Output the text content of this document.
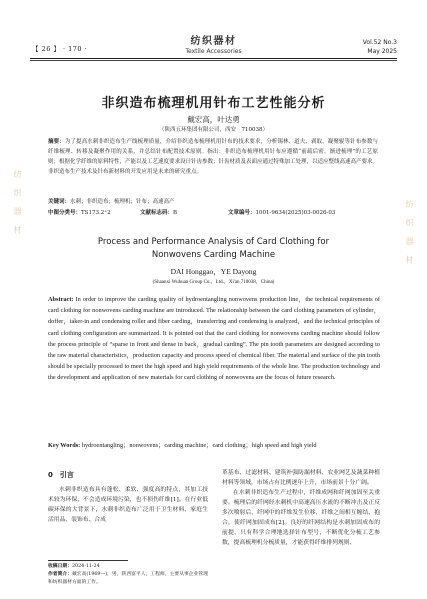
【 26 】 · 170 ·
纺织器材
Textile Accessories
Vol.52 No.3
May 2025
纺 织 器 材	纺 织 器 材
非织造布梳理机用针布工艺性能分析
戴宏高，叶达勇
（陕西五环集团有限公司，西安　710038）
摘要：为了提高水刺非织造布生产线梳理质量，介绍非织造布梳理机用针布的技术要求，分析锡林、道夫、剥取、凝聚辊等针布参数与纤维梳理、转移及凝聚作用的关系，并总结针布配置技术原则。指出：非织造布梳理机用针布应遵循“前疏后密，渐进梳理”的工艺原则；根据化学纤维的原料特性，产能以及工艺速度要求设计针齿参数；针齿材质及表面应通过特殊加工处理，以适应整线高速高产要求。非织造布生产技术及针布新材料的开发应用是未来的研究重点。
关键词：水刺；非织造布；梳理机；针布；高速高产
中图分类号：TS173.2⁺2	文献标志码：B	文章编号：1001-9634(2025)03-0026-03
Process and Performance Analysis of Card Clothing for
Nonwovens Carding Machine
DAI Honggao，YE Dayong
(Shaanxi Wuhuan Group Co.，Ltd.，Xi'an 710038，China)
Abstract: In order to improve the carding quality of hydroentangling nonwovens production line，the technical requirements of card clothing for nonwovens carding machine are introduced. The relationship between the card clothing parameters of cylinder，doffer，taker-in and condensing roller and fiber carding，transferring and condensing is analyzed，and the technical principles of card clothing configuration are summarized. It is pointed out that the card clothing for nonwovens carding machine should follow the process principle of “sparse in front and dense in back，gradual carding”. The pin tooth parameters are designed according to the raw material characteristics，production capacity and process speed of chemical fiber. The material and surface of the pin tooth should be specially processed to meet the high speed and high yield requirements of the whole line. The production technology and the development and application of new materials for card clothing of nonwovens are the focus of future research.
Key Words: hydroentangling；nonwovens；carding machine；card clothing；high speed and high yield
0　引言

水刺非织造布具有蓬松、柔软、强度高的特点，其加工技术较为环保，不会造成环境污染，也不损伤纤维[1]。在行业低碳环保的大背景下，水刺非织造布广泛用于卫生材料、家庭生活用品、装饰布、合成

革基布、过滤材料、建筑补强防漏材料、农业网艺及蔬菜种植材料等领域，市场占有比例逐年上升，市场前景十分广阔。

在水刺非织造布生产过程中，纤维成网和纤网加固至关重要。梳理后的纤网经水刺机中高速高压水流的不断冲击及正反多次喷射后，纤网中的纤维发生位移，纤维之间相互缠结、抱合，使纤网加固成布[2]。良好的纤网结构是水刺加固成布的前提，只有科学合理地选择针布型号，不断优化分梳工艺参数，提高梳理机分梳质量，才能获得纤维排列规则、

收稿日期：2024-11-24
作者简介：戴宏高(1969—)，男，陕西富平人，工程师，主要从事企业管理和纺织器材方面的工作。
